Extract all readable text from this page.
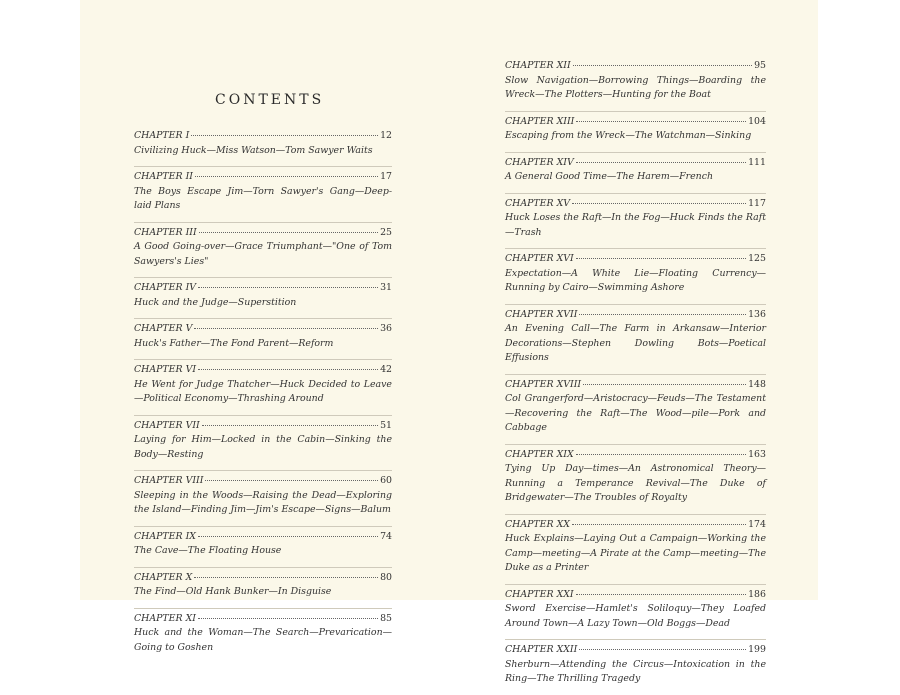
CONTENTS
CHAPTER I	12
Civilizing Huck—Miss Watson—Tom Sawyer Waits
CHAPTER II	17
The Boys Escape Jim—Torn Sawyer's Gang—Deep-laid Plans
CHAPTER III	25
A Good Going-over—Grace Triumphant—"One of Tom Sawyers's Lies"
CHAPTER IV	31
Huck and the Judge—Superstition
CHAPTER V	36
Huck's Father—The Fond Parent—Reform
CHAPTER VI	42
He Went for Judge Thatcher—Huck Decided to Leave—Political Economy—Thrashing Around
CHAPTER VII	51
Laying for Him—Locked in the Cabin—Sinking the Body—Resting
CHAPTER VIII	60
Sleeping in the Woods—Raising the Dead—Exploring the Island—Finding Jim—Jim's Escape—Signs—Balum
CHAPTER IX	74
The Cave—The Floating House
CHAPTER X	80
The Find—Old Hank Bunker—In Disguise
CHAPTER XI	85
Huck and the Woman—The Search—Prevarication—Going to Goshen
CHAPTER XII	95
Slow Navigation—Borrowing Things—Boarding the Wreck—The Plotters—Hunting for the Boat
CHAPTER XIII	104
Escaping from the Wreck—The Watchman—Sinking
CHAPTER XIV	111
A General Good Time—The Harem—French
CHAPTER XV	117
Huck Loses the Raft—In the Fog—Huck Finds the Raft—Trash
CHAPTER XVI	125
Expectation—A White Lie—Floating Currency—Running by Cairo—Swimming Ashore
CHAPTER XVII	136
An Evening Call—The Farm in Arkansaw—Interior Decorations—Stephen Dowling Bots—Poetical Effusions
CHAPTER XVIII	148
Col Grangerford—Aristocracy—Feuds—The Testament—Recovering the Raft—The Wood—pile—Pork and Cabbage
CHAPTER XIX	163
Tying Up Day—times—An Astronomical Theory—Running a Temperance Revival—The Duke of Bridgewater—The Troubles of Royalty
CHAPTER XX	174
Huck Explains—Laying Out a Campaign—Working the Camp—meeting—A Pirate at the Camp—meeting—The Duke as a Printer
CHAPTER XXI	186
Sword Exercise—Hamlet's Soliloquy—They Loafed Around Town—A Lazy Town—Old Boggs—Dead
CHAPTER XXII	199
Sherburn—Attending the Circus—Intoxication in the Ring—The Thrilling Tragedy
